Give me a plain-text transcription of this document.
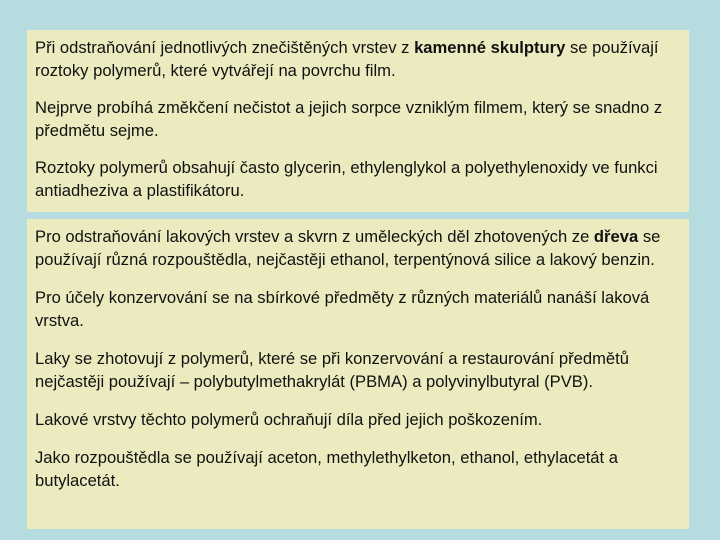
Při odstraňování jednotlivých znečištěných vrstev z kamenné skulptury se používají roztoky polymerů, které vytvářejí na povrchu film.

Nejprve probíhá změkčení nečistot a jejich sorpce vzniklým filmem, který se snadno z předmětu sejme.

Roztoky polymerů obsahují často glycerin, ethylenglykol a polyethylenoxidy ve funkci antiadheziva a plastifikátoru.

Pro odstraňování lakových vrstev a skvrn z uměleckých děl zhotovených ze dřeva se používají různá rozpouštědla, nejčastěji ethanol, terpentýnová silice a lakový benzin.

Pro účely konzervování se na sbírkové předměty z různých materiálů nanáší laková vrstva.

Laky se zhotovují z polymerů, které se při konzervování a restaurování předmětů nejčastěji používají – polybutylmethakrylát (PBMA) a polyvinylbutyral (PVB).

Lakové vrstvy těchto polymerů ochraňují díla před jejich poškozením.

Jako rozpouštědla se používají aceton, methylethylketon, ethanol, ethylacetát a butylacetát.
